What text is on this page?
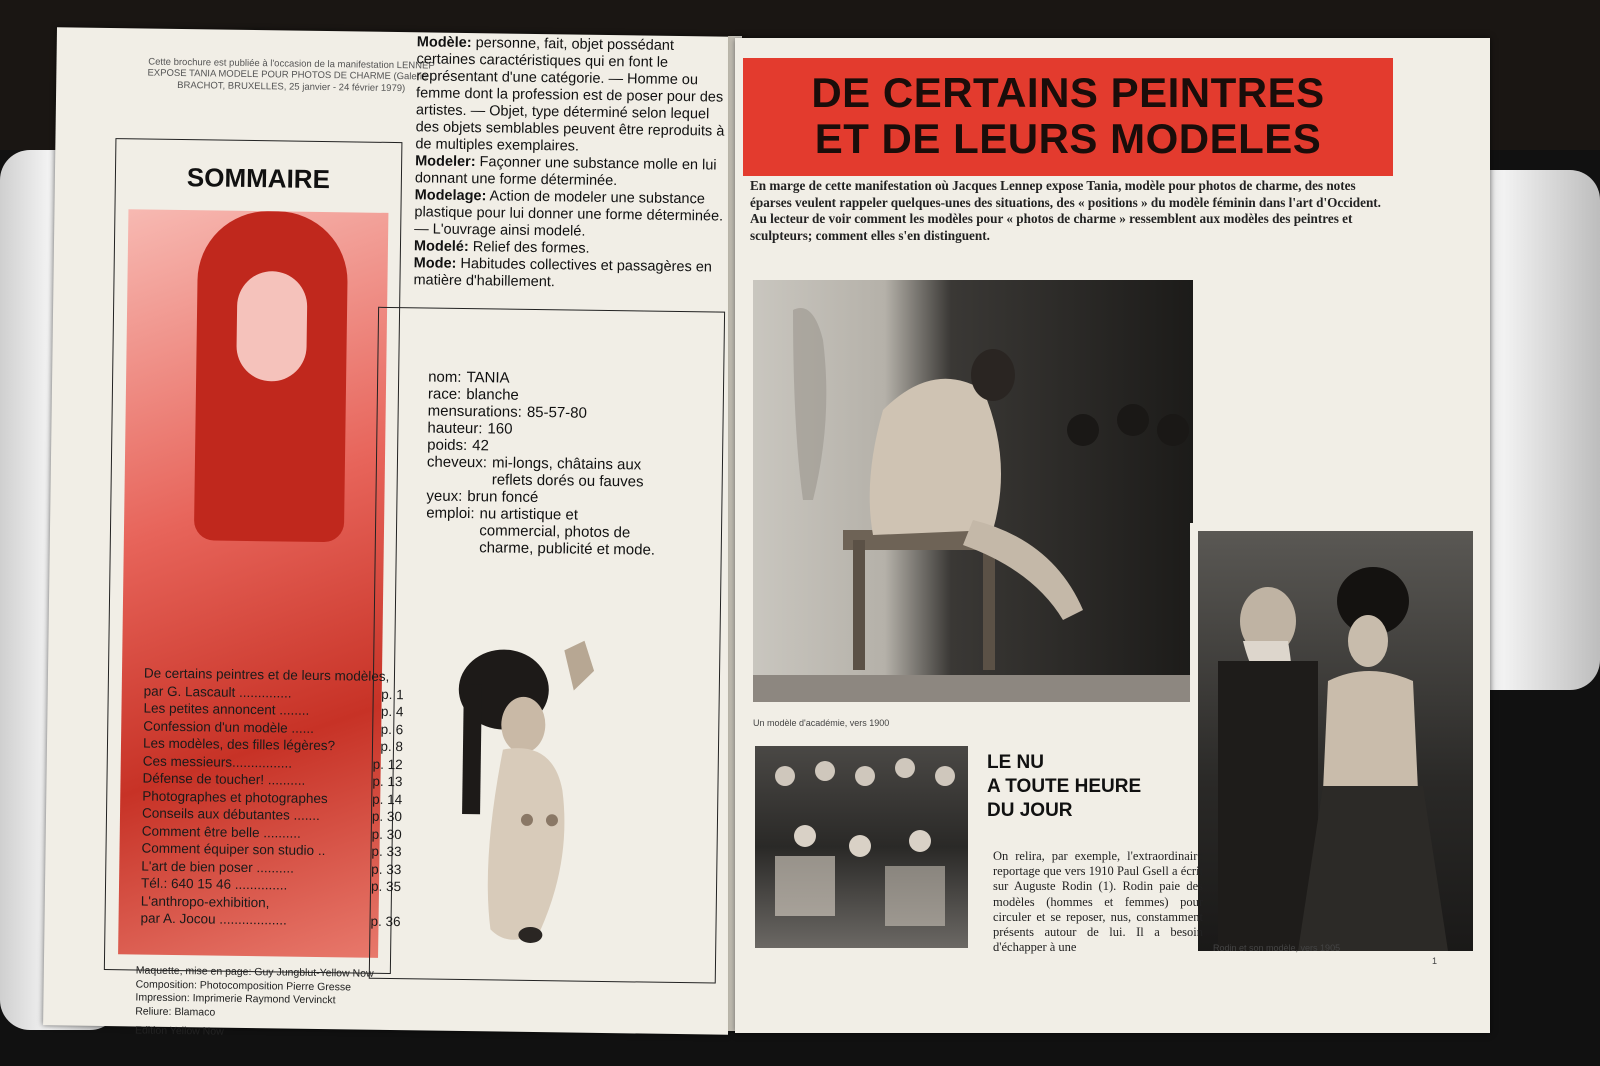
Cette brochure est publiée à l'occasion de la manifestation LENNEP EXPOSE TANIA MODELE POUR PHOTOS DE CHARME (Galerie I. BRACHOT, BRUXELLES, 25 janvier - 24 février 1979)

Modèle: personne, fait, objet possédant certaines caractéristiques qui en font le représentant d'une catégorie. — Homme ou femme dont la profession est de poser pour des artistes. — Objet, type déterminé selon lequel des objets semblables peuvent être reproduits à de multiples exemplaires.

Modeler: Façonner une substance molle en lui donnant une forme déterminée.

Modelage: Action de modeler une substance plastique pour lui donner une forme déterminée. — L'ouvrage ainsi modelé.

Modelé: Relief des formes.

Mode: Habitudes collectives et passagères en matière d'habillement.

SOMMAIRE
De certains peintres et de leurs modèles,
par G. Lascault ..............	p. 1
Les petites annoncent ........	p. 4
Confession d'un modèle ......	p. 6
Les modèles, des filles légères?	p. 8
Ces messieurs................	p. 12
Défense de toucher! ..........	p. 13
Photographes et photographes	p. 14
Conseils aux débutantes .......	p. 30
Comment être belle ..........	p. 30
Comment équiper son studio ..	p. 33
L'art de bien poser ..........	p. 33
Tél.: 640 15 46 ..............	p. 35
L'anthropo-exhibition,
par A. Jocou ..................	p. 36
Maquette, mise en page: Guy Jungblut-Yellow Now
Composition: Photocomposition Pierre Gresse
Impression: Imprimerie Raymond Vervinckt
Reliure: Blamaco
Edition Yellow Now
nom: TANIA
race: blanche
mensurations: 85-57-80
hauteur: 160
poids: 42
cheveux: mi-longs, châtains aux reflets dorés ou fauves
yeux: brun foncé
emploi: nu artistique et commercial, photos de charme, publicité et mode.
DE CERTAINS PEINTRES
ET DE LEURS MODELES
En marge de cette manifestation où Jacques Lennep expose Tania, modèle pour photos de charme, des notes éparses veulent rappeler quelques-unes des situations, des « positions » du modèle féminin dans l'art d'Occident. Au lecteur de voir comment les modèles pour « photos de charme » ressemblent aux modèles des peintres et sculpteurs; comment elles s'en distinguent.
Un modèle d'académie, vers 1900
Rodin et son modèle, vers 1905
LE NU
A TOUTE HEURE
DU JOUR
On relira, par exemple, l'extraordinaire reportage que vers 1910 Paul Gsell a écrit sur Auguste Rodin (1). Rodin paie des modèles (hommes et femmes) pour circuler et se reposer, nus, constamment présents autour de lui. Il a besoin d'échapper à une
1
